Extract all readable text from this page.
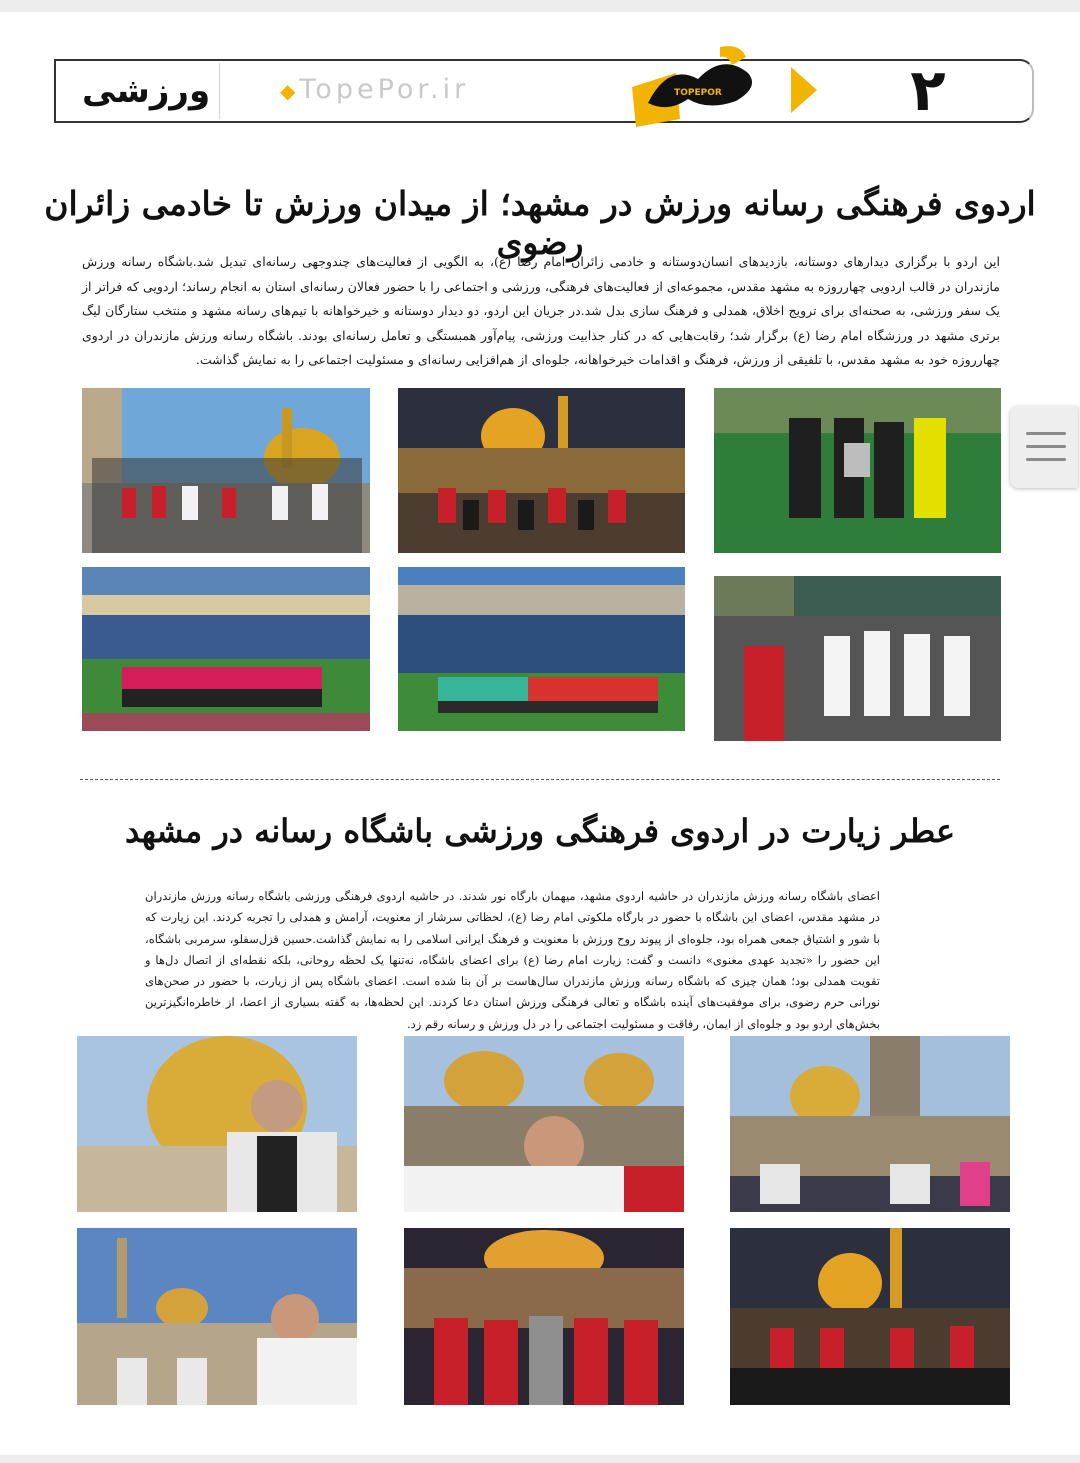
ورزشی	◆ TopePor.ir	TOPEPOR	۲
اردوی فرهنگی رسانه ورزش در مشهد؛ از میدان ورزش تا خادمی زائران رضوی

این اردو با برگزاری دیدارهای دوستانه، بازدیدهای انسان‌دوستانه و خادمی زائران امام رضا (ع)، به الگویی از فعالیت‌های چندوجهی رسانه‌ای تبدیل شد.باشگاه رسانه ورزش مازندران در قالب اردویی چهارروزه به مشهد مقدس، مجموعه‌ای از فعالیت‌های فرهنگی، ورزشی و اجتماعی را با حضور فعالان رسانه‌ای استان به انجام رساند؛ اردویی که فراتر از یک سفر ورزشی، به صحنه‌ای برای ترویج اخلاق، همدلی و فرهنگ سازی بدل شد.در جریان این اردو، دو دیدار دوستانه و خیرخواهانه با تیم‌های رسانه مشهد و منتخب ستارگان لیگ برتری مشهد در ورزشگاه امام رضا (ع) برگزار شد؛ رقابت‌هایی که در کنار جذابیت ورزشی، پیام‌آور همبستگی و تعامل رسانه‌ای بودند. باشگاه رسانه ورزش مازندران در اردوی چهارروزه خود به مشهد مقدس، با تلفیقی از ورزش، فرهنگ و اقدامات خیرخواهانه، جلوه‌ای از هم‌افزایی رسانه‌ای و مسئولیت اجتماعی را به نمایش گذاشت.

عطر زیارت در اردوی فرهنگی ورزشی باشگاه رسانه در مشهد

اعضای باشگاه رسانه ورزش مازندران در حاشیه اردوی مشهد، میهمان بارگاه نور شدند. در حاشیه اردوی فرهنگی ورزشی باشگاه رسانه ورزش مازندران در مشهد مقدس، اعضای این باشگاه با حضور در بارگاه ملکوتی امام رضا (ع)، لحظاتی سرشار از معنویت، آرامش و همدلی را تجربه کردند. این زیارت که با شور و اشتیاق جمعی همراه بود، جلوه‌ای از پیوند روح ورزش با معنویت و فرهنگ ایرانی اسلامی را به نمایش گذاشت.حسین قزل‌سفلو، سرمربی باشگاه، این حضور را «تجدید عهدی معنوی» دانست و گفت: زیارت امام رضا (ع) برای اعضای باشگاه، نه‌تنها یک لحظه روحانی، بلکه نقطه‌ای از اتصال دل‌ها و تقویت همدلی بود؛ همان چیزی که باشگاه رسانه ورزش مازندران سال‌هاست بر آن بنا شده است. اعضای باشگاه پس از زیارت، با حضور در صحن‌های نورانی حرم رضوی، برای موفقیت‌های آینده باشگاه و تعالی فرهنگی ورزش استان دعا کردند. این لحظه‌ها، به گفته بسیاری از اعضا، از خاطره‌انگیزترین بخش‌های اردو بود و جلوه‌ای از ایمان، رفاقت و مسئولیت اجتماعی را در دل ورزش و رسانه رقم زد.
